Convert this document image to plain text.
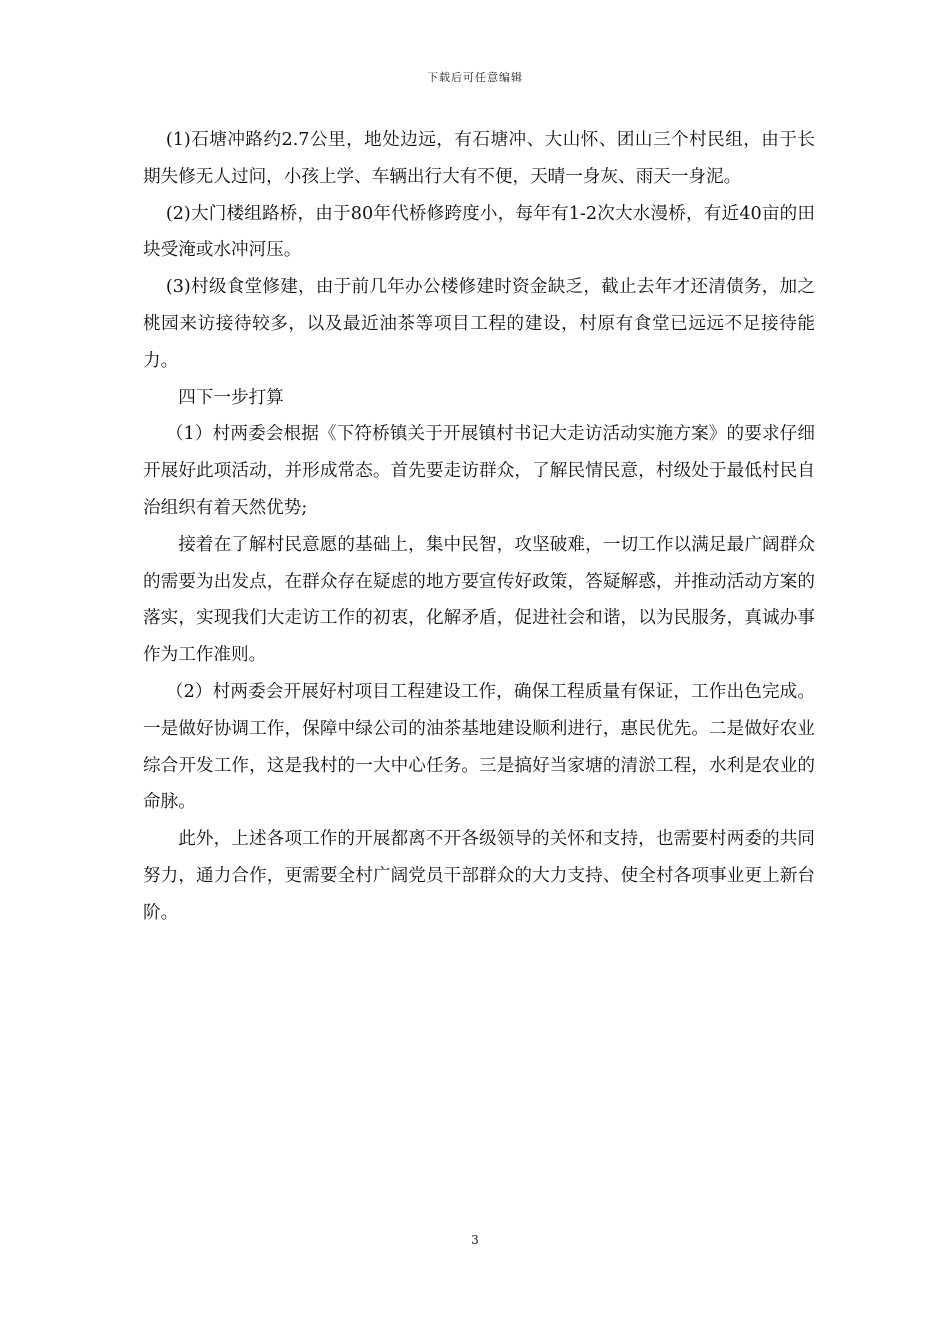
下载后可任意编辑

(1)石塘冲路约2.7公里，地处边远，有石塘冲、大山怀、团山三个村民组，由于长期失修无人过问，小孩上学、车辆出行大有不便，天晴一身灰、雨天一身泥。

(2)大门楼组路桥，由于80年代桥修跨度小，每年有1-2次大水漫桥，有近40亩的田块受淹或水冲河压。

(3)村级食堂修建，由于前几年办公楼修建时资金缺乏，截止去年才还清债务，加之桃园来访接待较多，以及最近油茶等项目工程的建设，村原有食堂已远远不足接待能力。

四下一步打算

（1）村两委会根据《下符桥镇关于开展镇村书记大走访活动实施方案》的要求仔细开展好此项活动，并形成常态。首先要走访群众，了解民情民意，村级处于最低村民自治组织有着天然优势;

接着在了解村民意愿的基础上，集中民智，攻坚破难，一切工作以满足最广阔群众的需要为出发点，在群众存在疑虑的地方要宣传好政策，答疑解惑，并推动活动方案的落实，实现我们大走访工作的初衷，化解矛盾，促进社会和谐，以为民服务，真诚办事作为工作准则。

（2）村两委会开展好村项目工程建设工作，确保工程质量有保证，工作出色完成。一是做好协调工作，保障中绿公司的油茶基地建设顺利进行，惠民优先。二是做好农业综合开发工作，这是我村的一大中心任务。三是搞好当家塘的清淤工程，水利是农业的命脉。

此外，上述各项工作的开展都离不开各级领导的关怀和支持，也需要村两委的共同努力，通力合作，更需要全村广阔党员干部群众的大力支持、使全村各项事业更上新台阶。

3
